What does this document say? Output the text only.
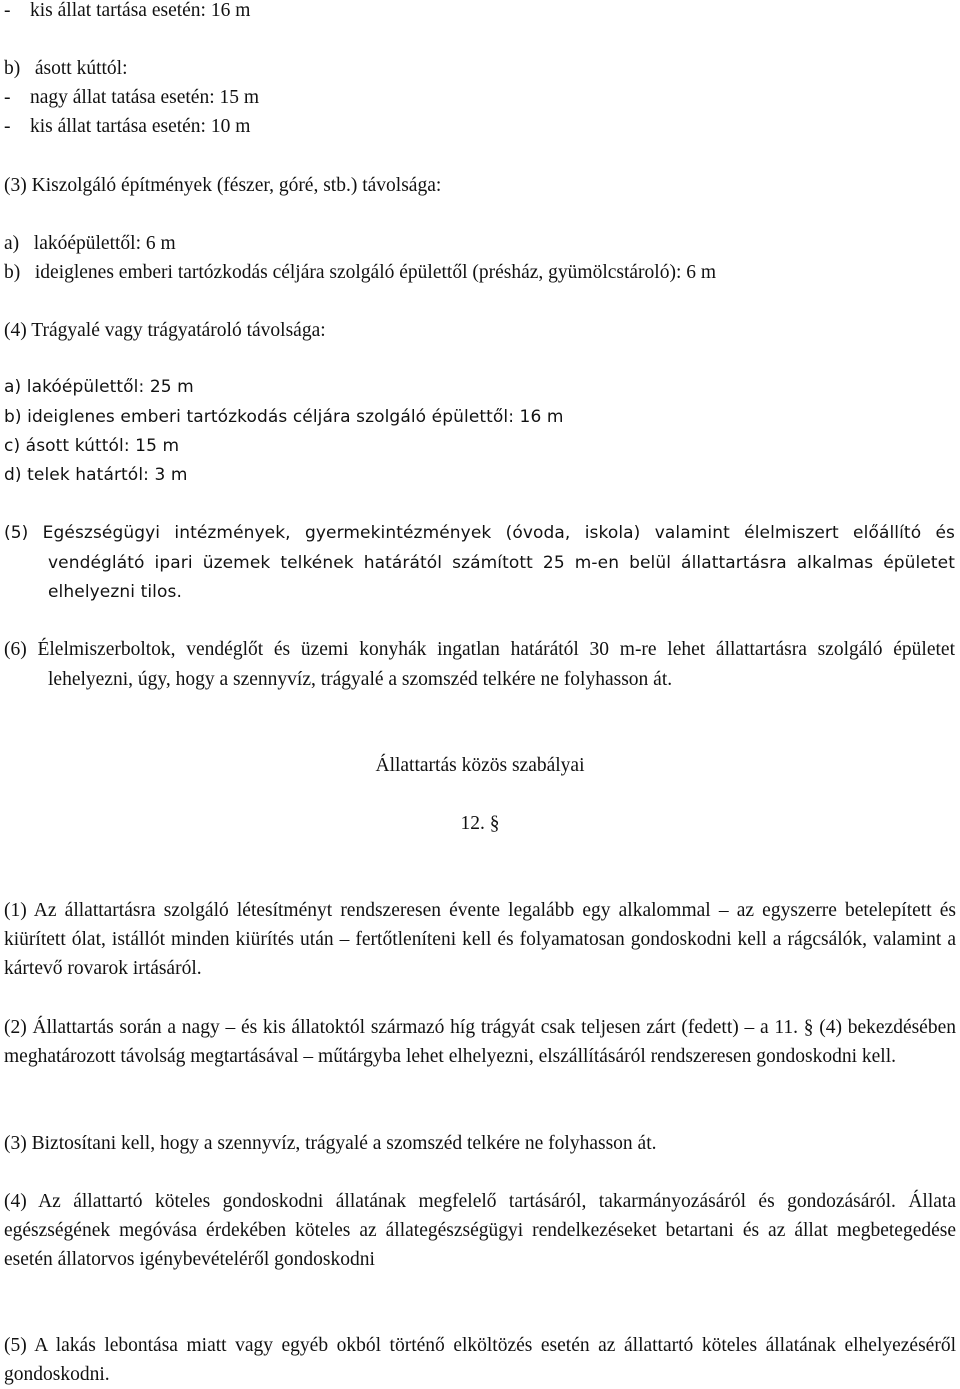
-    kis állat tartása esetén: 16 m
b)   ásott kúttól:
-    nagy állat tatása esetén: 15 m
-    kis állat tartása esetén: 10 m
(3) Kiszolgáló építmények (fészer, góré, stb.) távolsága:
a)   lakóépülettől: 6 m
b)   ideiglenes emberi tartózkodás céljára szolgáló épülettől (présház, gyümölcstároló): 6 m
(4) Trágyalé vagy trágyatároló távolsága:
a) lakóépülettől: 25 m
b) ideiglenes emberi tartózkodás céljára szolgáló épülettől: 16 m
c) ásott kúttól: 15 m
d) telek határtól: 3 m
(5) Egészségügyi intézmények, gyermekintézmények (óvoda, iskola) valamint élelmiszert előállító és vendéglátó ipari üzemek telkének határától számított 25 m-en belül állattartásra alkalmas épületet elhelyezni tilos.
(6) Élelmiszerboltok, vendéglőt és üzemi konyhák ingatlan határától 30 m-re lehet állattartásra szolgáló épületet lehelyezni, úgy, hogy a szennyvíz, trágyalé a szomszéd telkére ne folyhasson át.
Állattartás közös szabályai
12. §
(1) Az állattartásra szolgáló létesítményt rendszeresen évente legalább egy alkalommal – az egyszerre betelepített és kiürített ólat, istállót minden kiürítés után – fertőtleníteni kell és folyamatosan gondoskodni kell a rágcsálók, valamint a kártevő rovarok irtásáról.
(2) Állattartás során a nagy – és kis állatoktól származó híg trágyát csak teljesen zárt (fedett) – a 11. § (4) bekezdésében meghatározott távolság megtartásával – műtárgyba lehet elhelyezni, elszállításáról rendszeresen gondoskodni kell.
(3) Biztosítani kell, hogy a szennyvíz, trágyalé a szomszéd telkére ne folyhasson át.
(4) Az állattartó köteles gondoskodni állatának megfelelő tartásáról, takarmányozásáról és gondozásáról. Állata egészségének megóvása érdekében köteles az állategészségügyi rendelkezéseket betartani és az állat megbetegedése esetén állatorvos igénybevételéről gondoskodni
(5) A lakás lebontása miatt vagy egyéb okból történő elköltözés esetén az állattartó köteles állatának elhelyezéséről gondoskodni.
